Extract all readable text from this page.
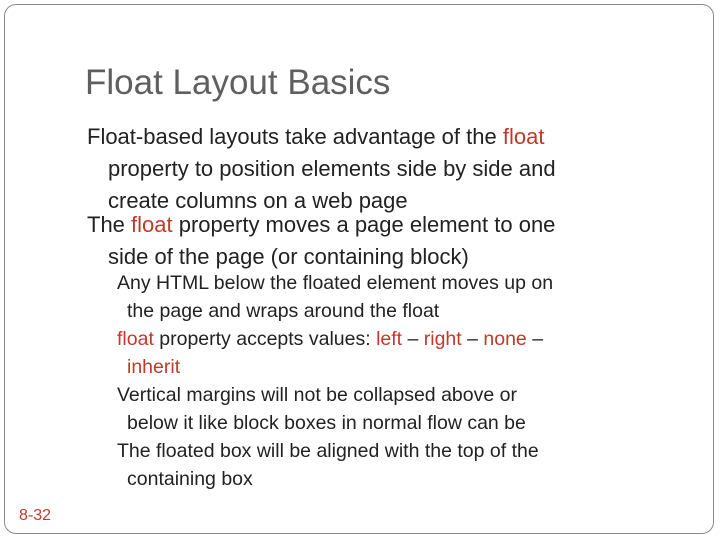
Float Layout Basics
Float-based layouts take advantage of the float
property to position elements side by side and
create columns on a web page
The float property moves a page element to one
side of the page (or containing block)
Any HTML below the floated element moves up on
the page and wraps around the float
float property accepts values: left – right – none –
inherit
Vertical margins will not be collapsed above or
below it like block boxes in normal flow can be
The floated box will be aligned with the top of the
containing box
8-32
